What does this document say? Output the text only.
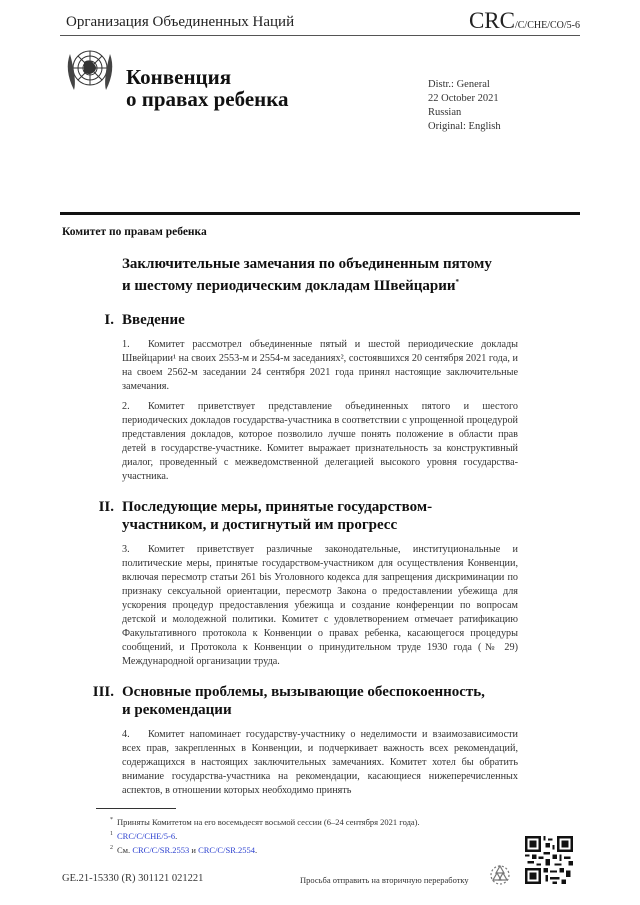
Организация Объединенных Наций	CRC/C/CHE/CO/5-6
Конвенция
о правах ребенка
Distr.: General
22 October 2021
Russian
Original: English
Комитет по правам ребенка
Заключительные замечания по объединенным пятому
и шестому периодическим докладам Швейцарии*
I. Введение
1. Комитет рассмотрел объединенные пятый и шестой периодические доклады Швейцарии¹ на своих 2553-м и 2554-м заседаниях², состоявшихся 20 сентября 2021 года, и на своем 2562-м заседании 24 сентября 2021 года принял настоящие заключительные замечания.
2. Комитет приветствует представление объединенных пятого и шестого периодических докладов государства-участника в соответствии с упрощенной процедурой представления докладов, которое позволило лучше понять положение в области прав детей в государстве-участнике. Комитет выражает признательность за конструктивный диалог, проведенный с межведомственной делегацией высокого уровня государства-участника.
II. Последующие меры, принятые государством-
участником, и достигнутый им прогресс
3. Комитет приветствует различные законодательные, институциональные и политические меры, принятые государством-участником для осуществления Конвенции, включая пересмотр статьи 261 bis Уголовного кодекса для запрещения дискриминации по признаку сексуальной ориентации, пересмотр Закона о предоставлении убежища для ускорения процедур предоставления убежища и создание конференции по вопросам детской и молодежной политики. Комитет с удовлетворением отмечает ратификацию Факультативного протокола к Конвенции о правах ребенка, касающегося процедуры сообщений, и Протокола к Конвенции о принудительном труде 1930 года (№ 29) Международной организации труда.
III. Основные проблемы, вызывающие обеспокоенность,
и рекомендации
4. Комитет напоминает государству-участнику о неделимости и взаимозависимости всех прав, закрепленных в Конвенции, и подчеркивает важность всех рекомендаций, содержащихся в настоящих заключительных замечаниях. Комитет хотел бы обратить внимание государства-участника на рекомендации, касающиеся нижеперечисленных аспектов, в отношении которых необходимо принять
* Приняты Комитетом на его восемьдесят восьмой сессии (6–24 сентября 2021 года).
$^1$ CRC/C/CHE/5-6.
$^2$ См. CRC/C/SR.2553 и CRC/C/SR.2554.
GE.21-15330 (R) 301121 021221	Просьба отправить на вторичную переработку
